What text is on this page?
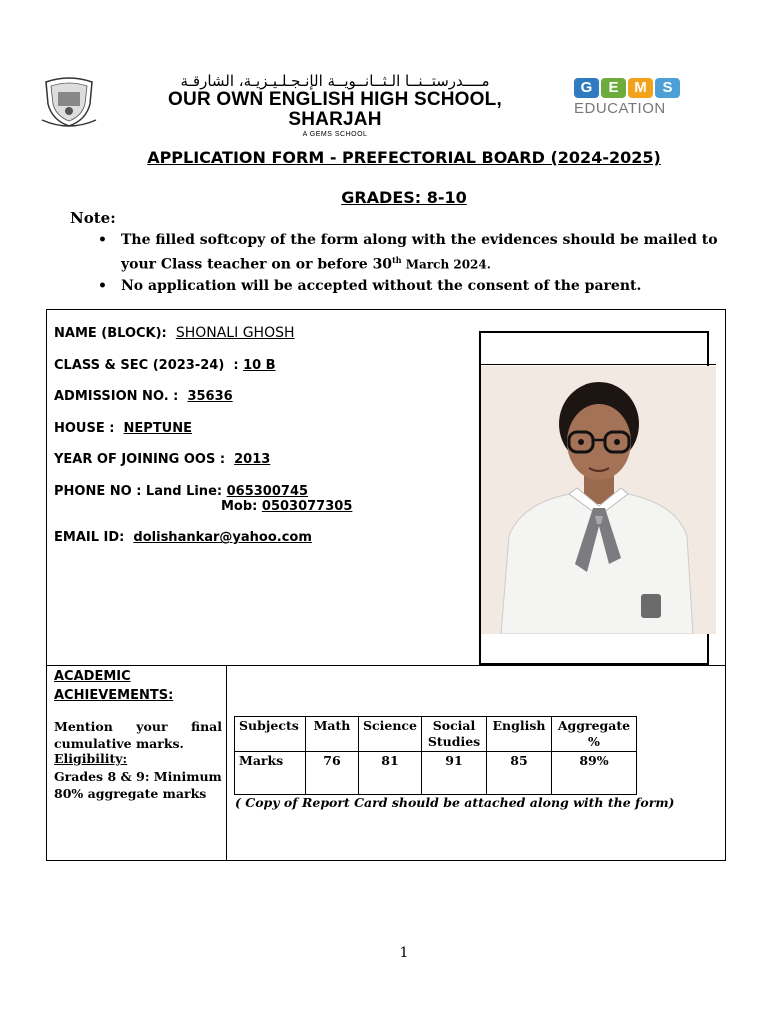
مــــدرستــنــا الـثــانــويــة الإنـجـلـيـزيـة، الشارقـة
OUR OWN ENGLISH HIGH SCHOOL, SHARJAH
A GEMS SCHOOL
G	E	M	S
EDUCATION
APPLICATION FORM - PREFECTORIAL BOARD (2024-2025)
GRADES: 8-10
Note:
• The filled softcopy of the form along with the evidences should be mailed to your Class teacher on or before 30th March 2024.
• No application will be accepted without the consent of the parent.
NAME (BLOCK): SHONALI GHOSH
CLASS & SEC (2023-24)  : 10 B
ADMISSION NO. : 35636
HOUSE : NEPTUNE
YEAR OF JOINING OOS : 2013
PHONE NO : Land Line: 065300745
Mob: 0503077305
EMAIL ID: dolishankar@yahoo.com
ACADEMIC
ACHIEVEMENTS:
Mention your final cumulative marks.
Eligibility:
Grades 8 & 9: Minimum 80% aggregate marks
Subjects	Math	Science	Social Studies	English	Aggregate %
Marks	76	81	91	85	89%
( Copy of Report Card should be attached along with the form)
1
